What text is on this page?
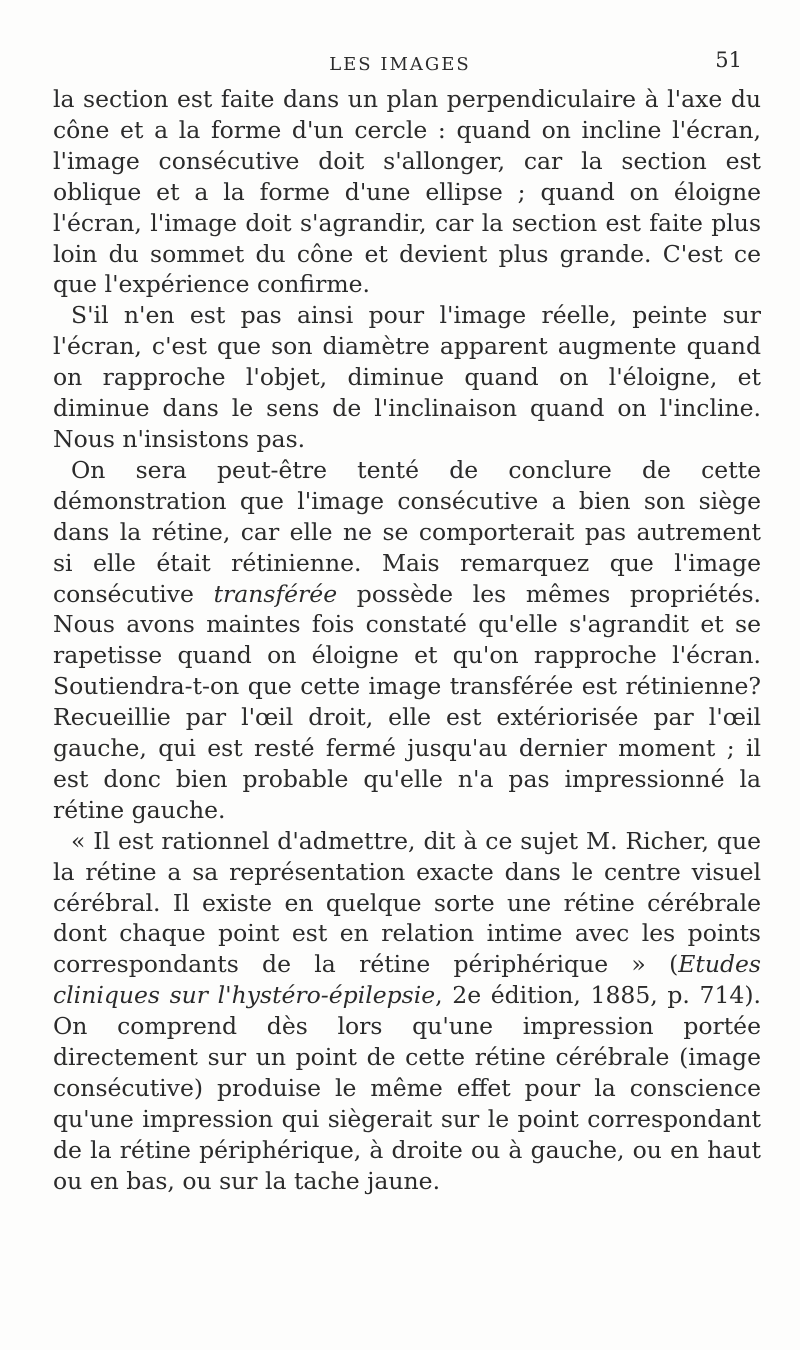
LES IMAGES	51

la section est faite dans un plan perpendiculaire à l'axe du cône et a la forme d'un cercle : quand on incline l'écran, l'image consécutive doit s'allonger, car la section est oblique et a la forme d'une ellipse ; quand on éloigne l'écran, l'image doit s'agrandir, car la section est faite plus loin du sommet du cône et devient plus grande. C'est ce que l'expérience confirme.

S'il n'en est pas ainsi pour l'image réelle, peinte sur l'écran, c'est que son diamètre apparent augmente quand on rapproche l'objet, diminue quand on l'éloigne, et diminue dans le sens de l'inclinaison quand on l'incline. Nous n'insistons pas.

On sera peut-être tenté de conclure de cette démonstration que l'image consécutive a bien son siège dans la rétine, car elle ne se comporterait pas autrement si elle était rétinienne. Mais remarquez que l'image consécutive transférée possède les mêmes propriétés. Nous avons maintes fois constaté qu'elle s'agrandit et se rapetisse quand on éloigne et qu'on rapproche l'écran. Soutiendra-t-on que cette image transférée est rétinienne? Recueillie par l'œil droit, elle est extériorisée par l'œil gauche, qui est resté fermé jusqu'au dernier moment ; il est donc bien probable qu'elle n'a pas impressionné la rétine gauche.

« Il est rationnel d'admettre, dit à ce sujet M. Richer, que la rétine a sa représentation exacte dans le centre visuel cérébral. Il existe en quelque sorte une rétine cérébrale dont chaque point est en relation intime avec les points correspondants de la rétine périphérique » (Etudes cliniques sur l'hystéro-épilepsie, 2e édition, 1885, p. 714). On comprend dès lors qu'une impression portée directement sur un point de cette rétine cérébrale (image consécutive) produise le même effet pour la conscience qu'une impression qui siègerait sur le point correspondant de la rétine périphérique, à droite ou à gauche, ou en haut ou en bas, ou sur la tache jaune.
